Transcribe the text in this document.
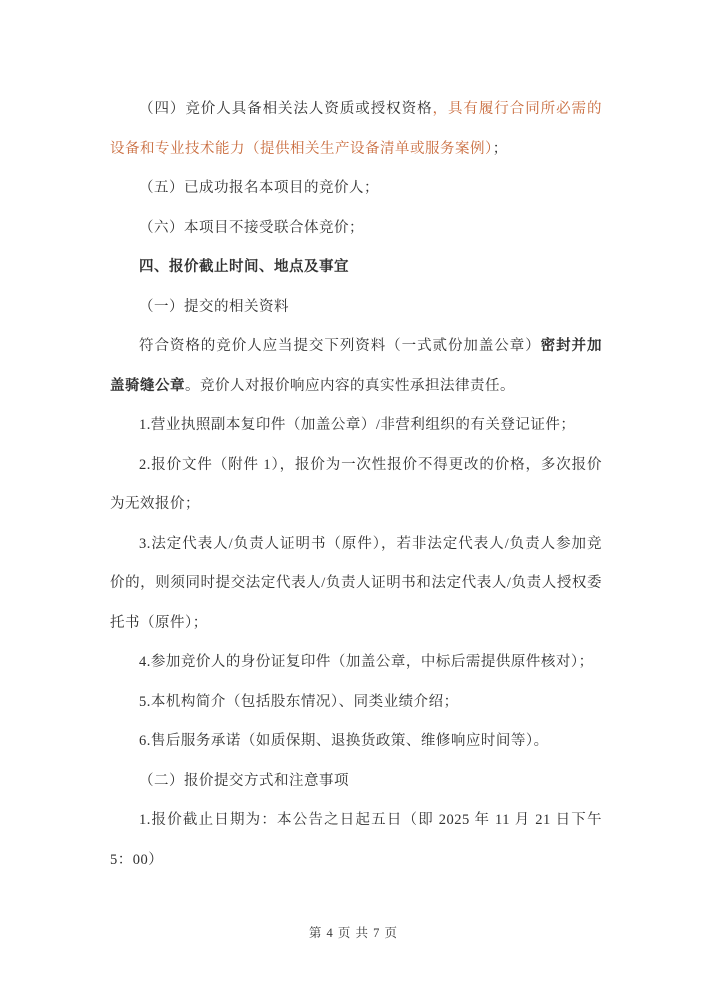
（四）竞价人具备相关法人资质或授权资格，具有履行合同所必需的设备和专业技术能力（提供相关生产设备清单或服务案例）；

（五）已成功报名本项目的竞价人；

（六）本项目不接受联合体竞价；

四、报价截止时间、地点及事宜

（一）提交的相关资料

符合资格的竞价人应当提交下列资料（一式贰份加盖公章）密封并加盖骑缝公章。竞价人对报价响应内容的真实性承担法律责任。

1.营业执照副本复印件（加盖公章）/非营利组织的有关登记证件；

2.报价文件（附件 1），报价为一次性报价不得更改的价格，多次报价为无效报价；

3.法定代表人/负责人证明书（原件），若非法定代表人/负责人参加竞价的，则须同时提交法定代表人/负责人证明书和法定代表人/负责人授权委托书（原件）；

4.参加竞价人的身份证复印件（加盖公章，中标后需提供原件核对）；

5.本机构简介（包括股东情况）、同类业绩介绍；

6.售后服务承诺（如质保期、退换货政策、维修响应时间等）。

（二）报价提交方式和注意事项

1.报价截止日期为：本公告之日起五日（即 2025 年 11 月 21 日下午 5：00）

第 4 页 共 7 页
